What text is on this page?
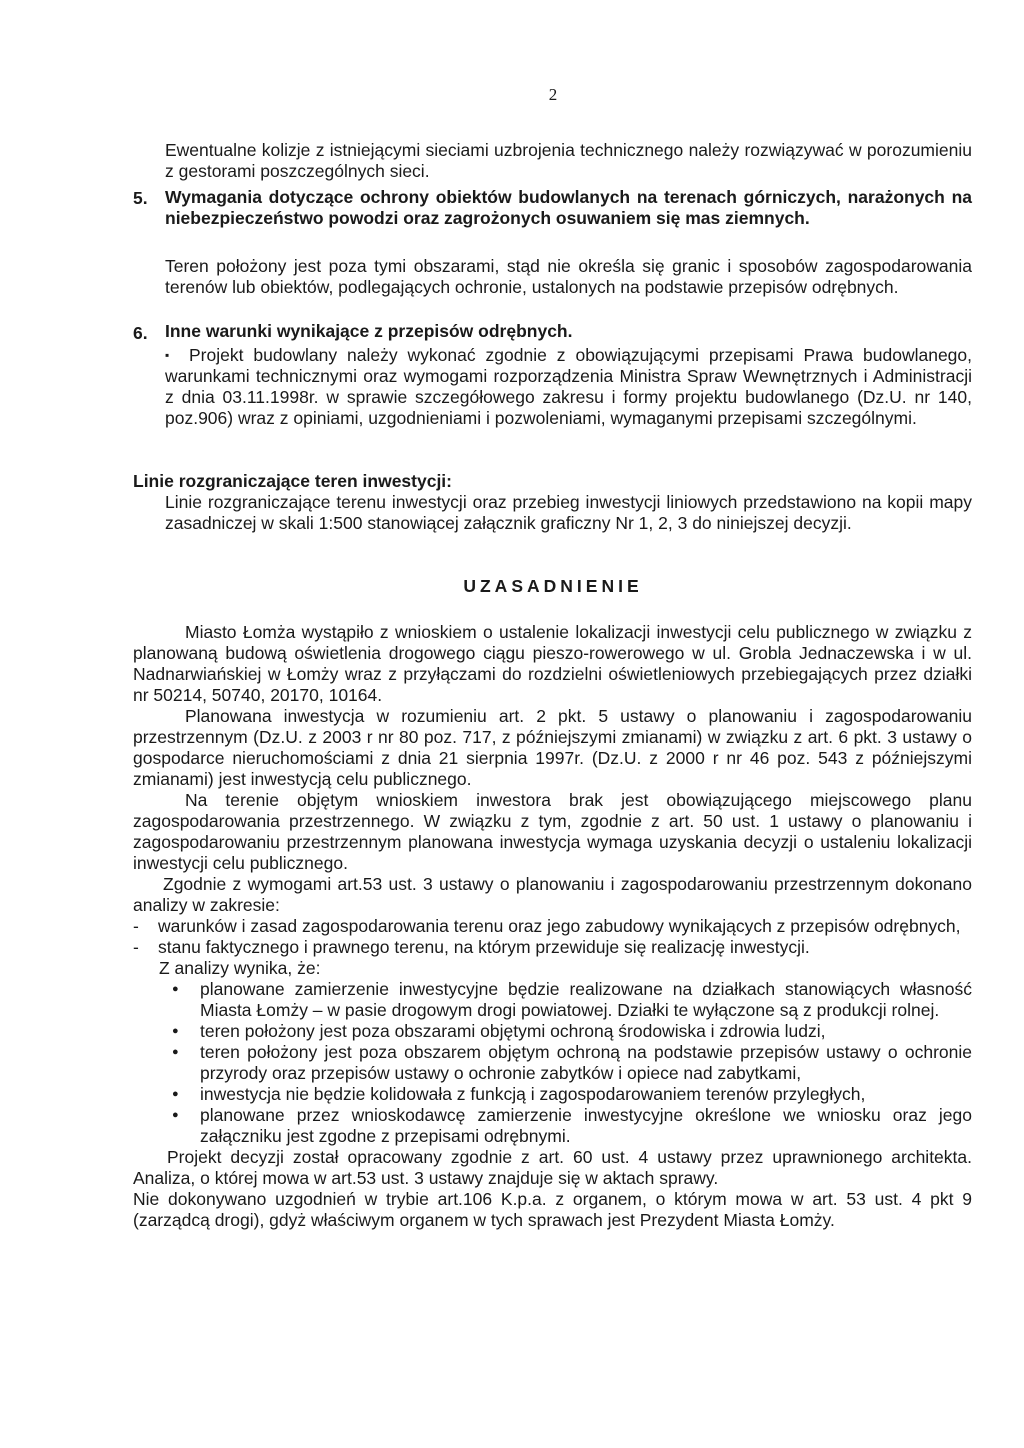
2
Ewentualne kolizje z istniejącymi sieciami uzbrojenia technicznego należy rozwiązywać w porozumieniu z gestorami poszczególnych sieci.
5. Wymagania dotyczące ochrony obiektów budowlanych na terenach górniczych, narażonych na niebezpieczeństwo powodzi oraz zagrożonych osuwaniem się mas ziemnych.
Teren położony jest poza tymi obszarami, stąd nie określa się granic i sposobów zagospodarowania terenów lub obiektów, podlegających ochronie, ustalonych na podstawie przepisów odrębnych.
6. Inne warunki wynikające z przepisów odrębnych.
▪ Projekt budowlany należy wykonać zgodnie z obowiązującymi przepisami Prawa budowlanego, warunkami technicznymi oraz wymogami rozporządzenia Ministra Spraw Wewnętrznych i Administracji z dnia 03.11.1998r. w sprawie szczegółowego zakresu i formy projektu budowlanego (Dz.U. nr 140, poz.906) wraz z opiniami, uzgodnieniami i pozwoleniami, wymaganymi przepisami szczególnymi.
Linie rozgraniczające teren inwestycji:
Linie rozgraniczające terenu inwestycji oraz przebieg inwestycji liniowych przedstawiono na kopii mapy zasadniczej w skali 1:500 stanowiącej załącznik graficzny Nr 1, 2, 3 do niniejszej decyzji.
UZASADNIENIE

Miasto Łomża wystąpiło z wnioskiem o ustalenie lokalizacji inwestycji celu publicznego w związku z planowaną budową oświetlenia drogowego ciągu pieszo-rowerowego w ul. Grobla Jednaczewska i w ul. Nadnarwiańskiej w Łomży wraz z przyłączami do rozdzielni oświetleniowych przebiegających przez działki nr 50214, 50740, 20170, 10164.

Planowana inwestycja w rozumieniu art. 2 pkt. 5 ustawy o planowaniu i zagospodarowaniu przestrzennym (Dz.U. z 2003 r nr 80 poz. 717, z późniejszymi zmianami) w związku z art. 6 pkt. 3 ustawy o gospodarce nieruchomościami z dnia 21 sierpnia 1997r. (Dz.U. z 2000 r nr 46 poz. 543 z późniejszymi zmianami) jest inwestycją celu publicznego.

Na terenie objętym wnioskiem inwestora brak jest obowiązującego miejscowego planu zagospodarowania przestrzennego. W związku z tym, zgodnie z art. 50 ust. 1 ustawy o planowaniu i zagospodarowaniu przestrzennym planowana inwestycja wymaga uzyskania decyzji o ustaleniu lokalizacji inwestycji celu publicznego.

Zgodnie z wymogami art.53 ust. 3 ustawy o planowaniu i zagospodarowaniu przestrzennym dokonano analizy w zakresie:

- warunków i zasad zagospodarowania terenu oraz jego zabudowy wynikających z przepisów odrębnych,
- stanu faktycznego i prawnego terenu, na którym przewiduje się realizację inwestycji.

Z analizy wynika, że:

● planowane zamierzenie inwestycyjne będzie realizowane na działkach stanowiących własność Miasta Łomży – w pasie drogowym drogi powiatowej. Działki te wyłączone są z produkcji rolnej.
● teren położony jest poza obszarami objętymi ochroną środowiska i zdrowia ludzi,
● teren położony jest poza obszarem objętym ochroną na podstawie przepisów ustawy o ochronie przyrody oraz przepisów ustawy o ochronie zabytków i opiece nad zabytkami,
● inwestycja nie będzie kolidowała z funkcją i zagospodarowaniem terenów przyległych,
● planowane przez wnioskodawcę zamierzenie inwestycyjne określone we wniosku oraz jego załączniku jest zgodne z przepisami odrębnymi.

Projekt decyzji został opracowany zgodnie z art. 60 ust. 4 ustawy przez uprawnionego architekta. Analiza, o której mowa w art.53 ust. 3 ustawy znajduje się w aktach sprawy.

Nie dokonywano uzgodnień w trybie art.106 K.p.a. z organem, o którym mowa w art. 53 ust. 4 pkt 9 (zarządcą drogi), gdyż właściwym organem w tych sprawach jest Prezydent Miasta Łomży.
